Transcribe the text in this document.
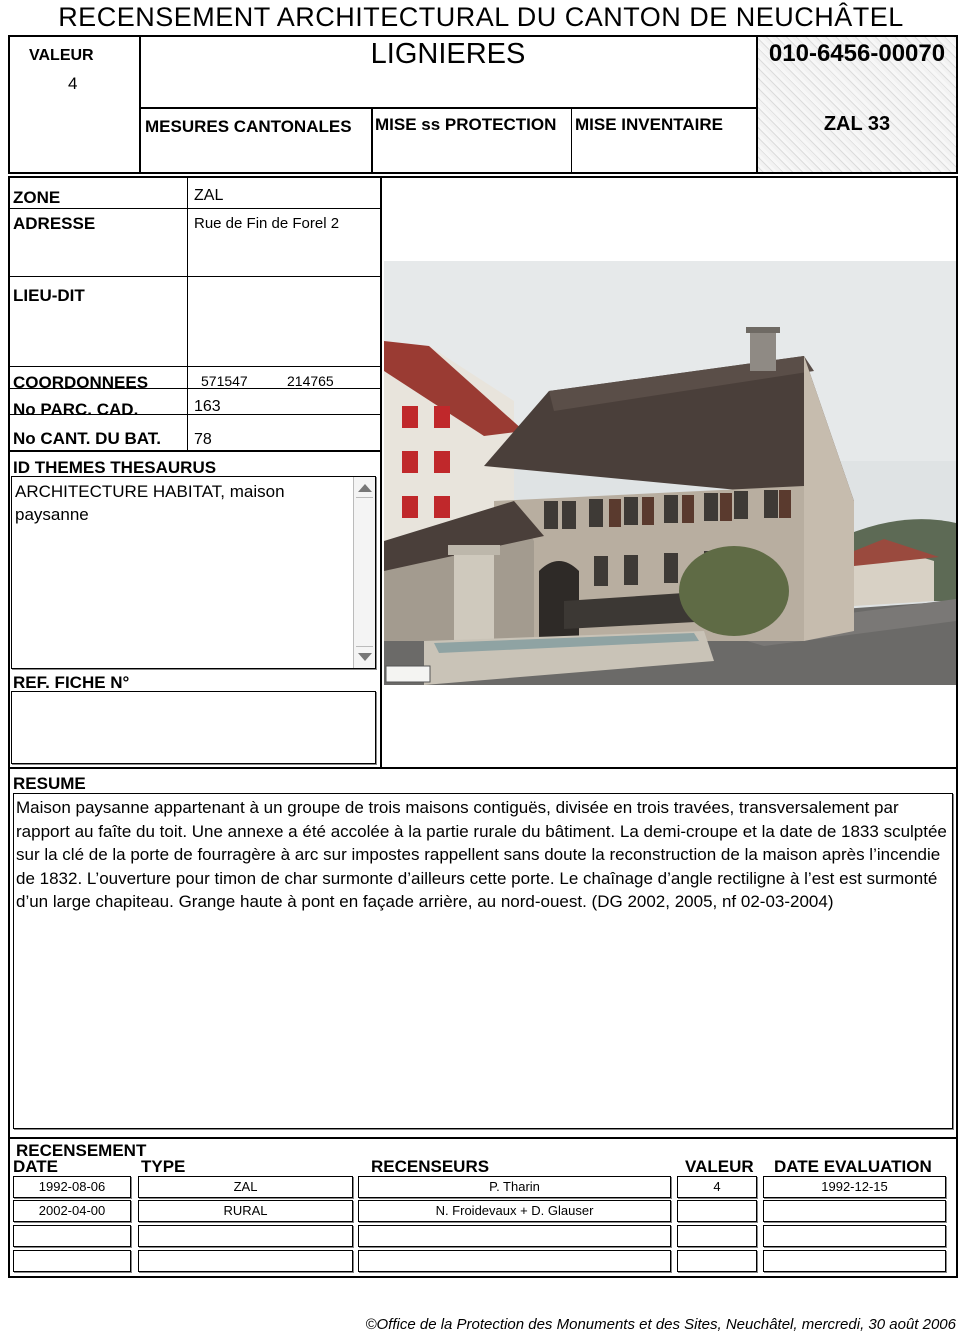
RECENSEMENT ARCHITECTURAL DU CANTON DE NEUCHÂTEL
VALEUR
4
LIGNIERES
MESURES CANTONALES MISE ss PROTECTION MISE INVENTAIRE
010-6456-00070
ZAL 33
ZONE	ZAL
ADRESSE	Rue de Fin de Forel 2
LIEU-DIT
COORDONNEES	571547	214765
No PARC. CAD.	163
No CANT. DU BAT. 78
ID THEMES THESAURUS
ARCHITECTURE HABITAT, maison paysanne
REF. FICHE N°
RESUME
Maison paysanne appartenant à un groupe de trois maisons contiguës, divisée en trois travées, transversalement par rapport au faîte du toit. Une annexe a été accolée à la partie rurale du bâtiment. La demi-croupe et la date de 1833 sculptée sur la clé de la porte de fourragère à arc sur impostes rappellent sans doute la reconstruction de la maison après l’incendie de 1832. L’ouverture pour timon de char surmonte d’ailleurs cette porte. Le chaînage d’angle rectiligne à l’est est surmonté d’un large chapiteau. Grange haute à pont en façade arrière, au nord-ouest. (DG 2002, 2005, nf 02-03-2004)
RECENSEMENT
DATE	TYPE	RECENSEURS	VALEUR DATE EVALUATION
1992-08-06	ZAL	P. Tharin	4	1992-12-15
2002-04-00	RURAL	N. Froidevaux + D. Glauser
©Office de la Protection des Monuments et des Sites, Neuchâtel, mercredi, 30 août 2006
